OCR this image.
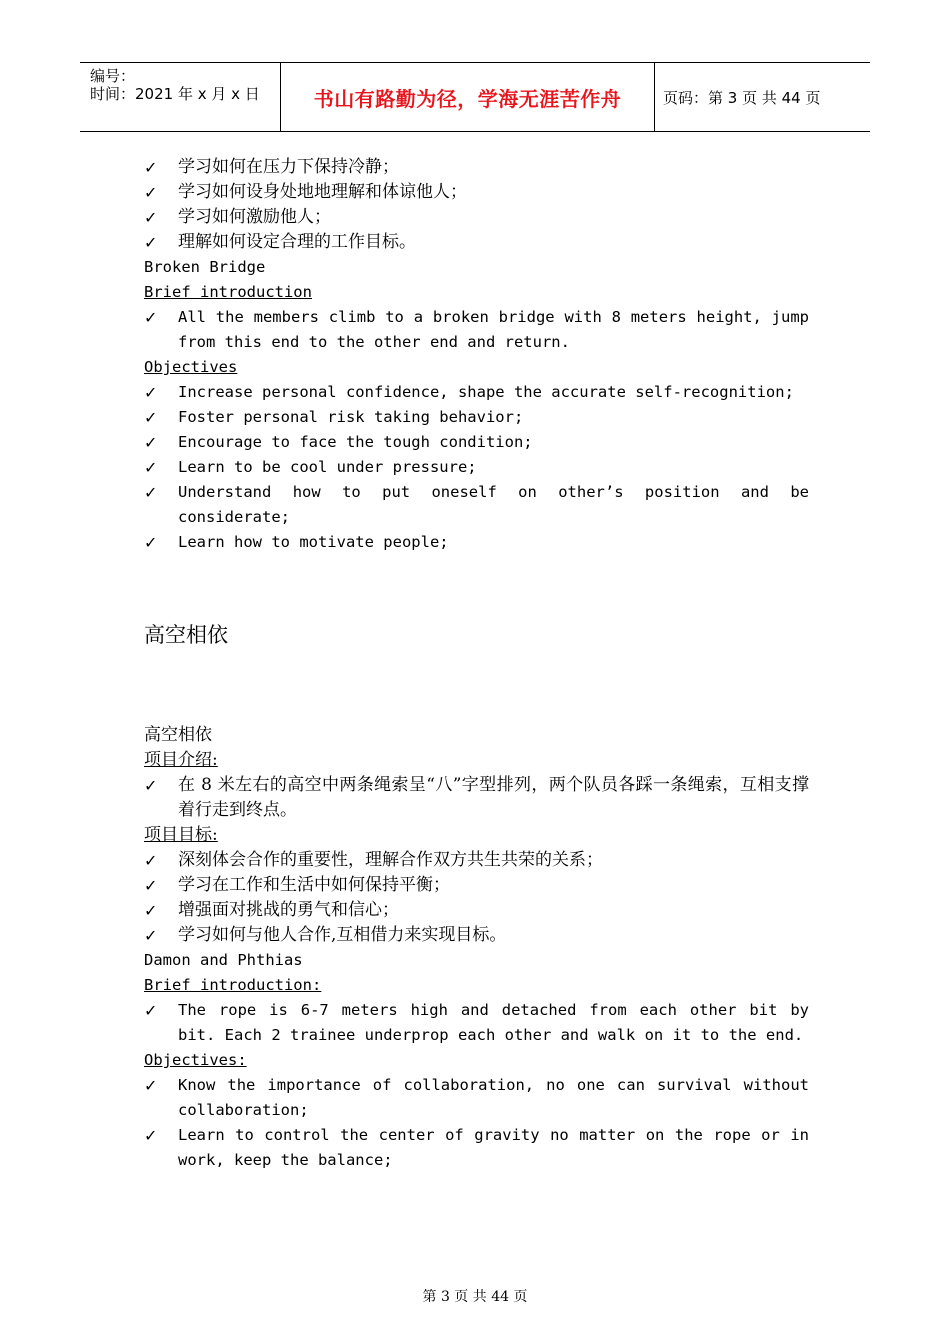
编号：
时间：2021 年 x 月 x 日	书山有路勤为径，学海无涯苦作舟	页码：第 3 页 共 44 页
✓	学习如何在压力下保持冷静；
✓	学习如何设身处地地理解和体谅他人；
✓	学习如何激励他人；
✓	理解如何设定合理的工作目标。
Broken Bridge
Brief introduction
✓	All the members climb to a broken bridge with 8 meters height, jump from this end to the other end and return.
Objectives
✓	Increase personal confidence, shape the accurate self-recognition;
✓	Foster personal risk taking behavior;
✓	Encourage to face the tough condition;
✓	Learn to be cool under pressure;
✓	Understand how to put oneself on other’s position and be considerate;
✓	Learn how to motivate people;
高空相依
高空相依
项目介绍:
✓	在 8 米左右的高空中两条绳索呈“八”字型排列，两个队员各踩一条绳索，互相支撑着行走到终点。
项目目标:
✓	深刻体会合作的重要性，理解合作双方共生共荣的关系；
✓	学习在工作和生活中如何保持平衡；
✓	增强面对挑战的勇气和信心；
✓	学习如何与他人合作,互相借力来实现目标。
Damon and Phthias
Brief introduction:
✓	The rope is 6-7 meters high and detached from each other bit by bit. Each 2 trainee underprop each other and walk on it to the end.
Objectives:
✓	Know the importance of collaboration, no one can survival without collaboration;
✓	Learn to control the center of gravity no matter on the rope or in work, keep the balance;
第 3 页 共 44 页
